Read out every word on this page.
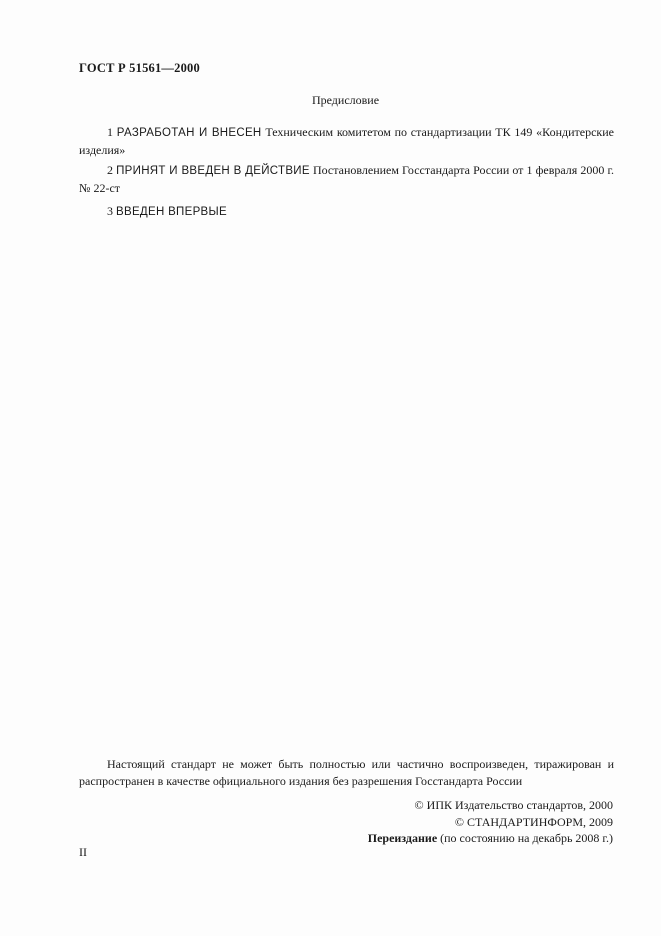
ГОСТ Р 51561—2000
Предисловие
1 РАЗРАБОТАН И ВНЕСЕН Техническим комитетом по стандартизации ТК 149 «Кондитерские изделия»
2 ПРИНЯТ И ВВЕДЕН В ДЕЙСТВИЕ Постановлением Госстандарта России от 1 февраля 2000 г. № 22-ст
3 ВВЕДЕН ВПЕРВЫЕ
Настоящий стандарт не может быть полностью или частично воспроизведен, тиражирован и распространен в качестве официального издания без разрешения Госстандарта России
© ИПК Издательство стандартов, 2000
© СТАНДАРТИНФОРМ, 2009
Переиздание (по состоянию на декабрь 2008 г.)
II
